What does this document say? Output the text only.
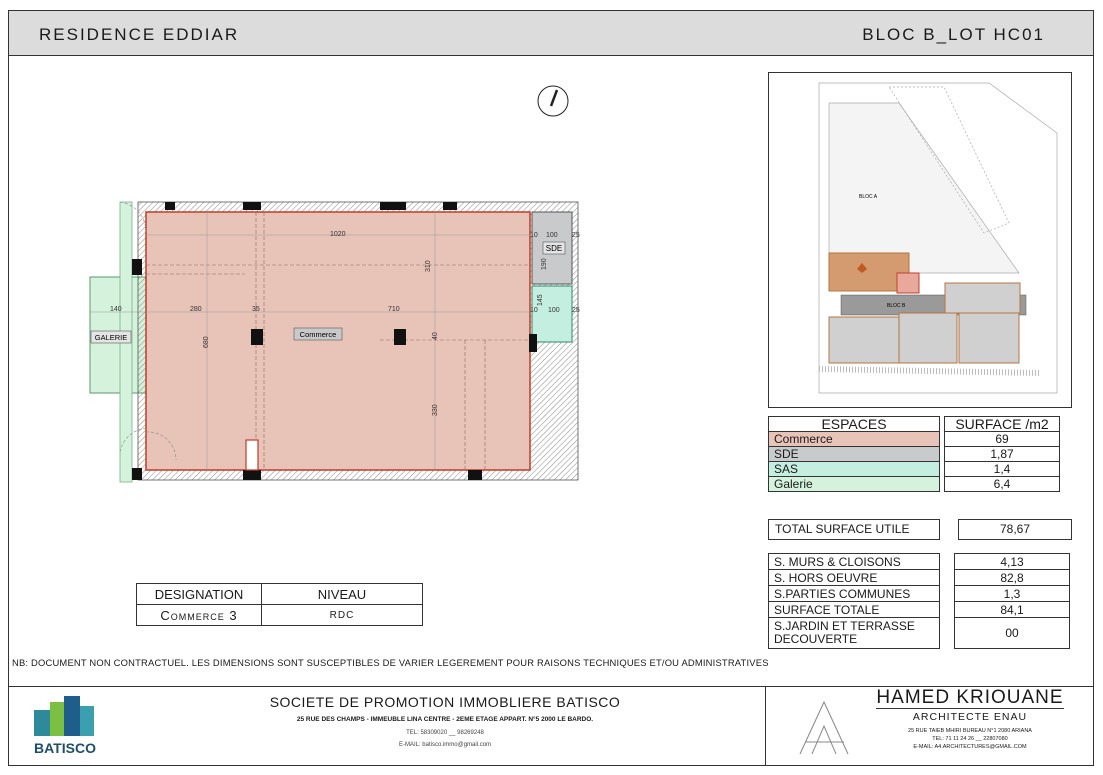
RESIDENCE EDDIAR	BLOC B_LOT HC01
Commerce
SDE
GALERIE
1020
280	35	710
140
310
330
40
680
190
145
10 100 25
10 100 25
BLOC A
BLOC B
ESPACES		SURFACE /m2
Commerce		69
SDE		1,87
SAS		1,4
Galerie		6,4
TOTAL SURFACE UTILE	78,67
S. MURS & CLOISONS		4,13
S. HORS OEUVRE		82,8
S.PARTIES COMMUNES		1,3
SURFACE TOTALE		84,1
S.JARDIN ET TERRASSE
DECOUVERTE		00
DESIGNATION	NIVEAU
Commerce 3	RDC
NB: DOCUMENT NON CONTRACTUEL. LES DIMENSIONS SONT SUSCEPTIBLES DE VARIER LEGEREMENT POUR RAISONS TECHNIQUES ET/OU ADMINISTRATIVES
BATISCO
SOCIETE DE PROMOTION IMMOBLIERE BATISCO
25 RUE DES CHAMPS - IMMEUBLE LINA CENTRE - 2EME ETAGE APPART. N°5 2000 LE BARDO.
TEL: 58309020 __ 98269248
E-MAIL: batisco.immo@gmail.com
HAMED KRIOUANE
ARCHITECTE ENAU
25 RUE TAIEB MHIRI BUREAU N°1 2080 ARIANA
TEL: 71 11 24 26 __ 22807080
E-MAIL: A4.ARCHITECTURES@GMAIL.COM
